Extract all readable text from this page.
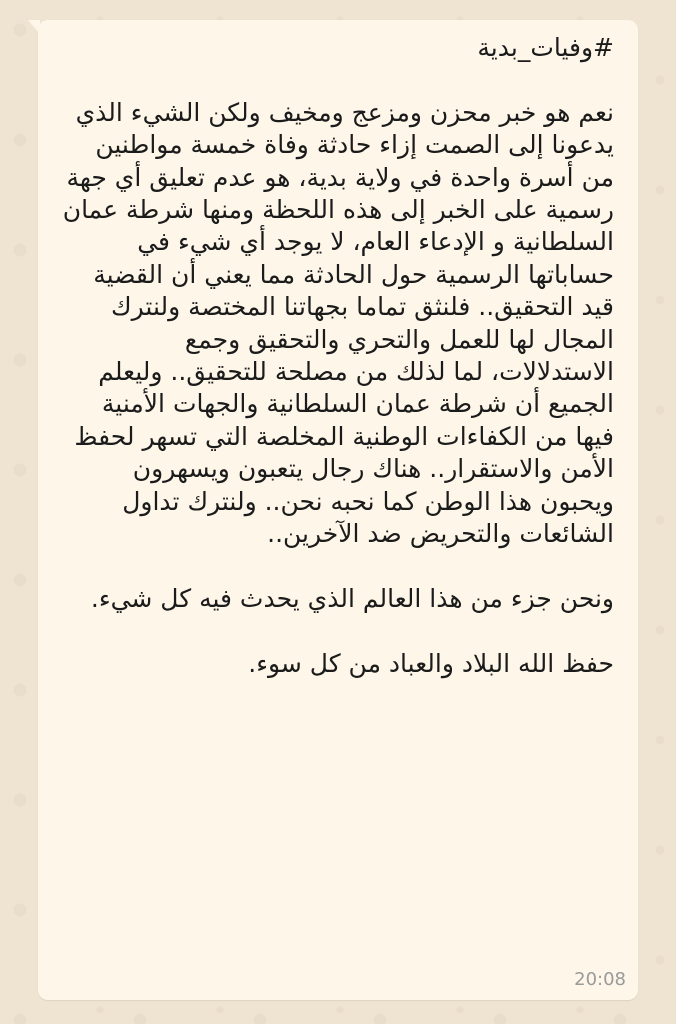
#وفيات_بدية

نعم هو خبر محزن ومزعج ومخيف ولكن الشيء الذي يدعونا إلى الصمت إزاء حادثة وفاة خمسة مواطنين من أسرة واحدة في ولاية بدية، هو عدم تعليق أي جهة رسمية على الخبر إلى هذه اللحظة ومنها شرطة عمان السلطانية و الإدعاء العام، لا يوجد أي شيء في حساباتها الرسمية حول الحادثة مما يعني أن القضية قيد التحقيق.. فلنثق تماما بجهاتنا المختصة ولنترك المجال لها للعمل والتحري والتحقيق وجمع الاستدلالات، لما لذلك من مصلحة للتحقيق.. وليعلم الجميع أن شرطة عمان السلطانية والجهات الأمنية فيها من الكفاءات الوطنية المخلصة التي تسهر لحفظ الأمن والاستقرار.. هناك رجال يتعبون ويسهرون ويحبون هذا الوطن كما نحبه نحن.. ولنترك تداول الشائعات والتحريض ضد الآخرين..

ونحن جزء من هذا العالم الذي يحدث فيه كل شيء.

حفظ الله البلاد والعباد من كل سوء.

20:08
